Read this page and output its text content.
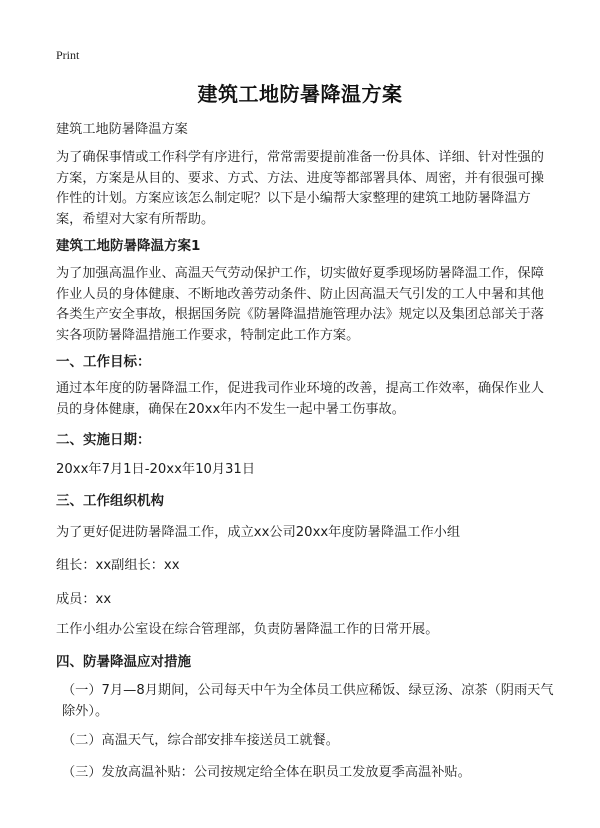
Print
建筑工地防暑降温方案
建筑工地防暑降温方案
为了确保事情或工作科学有序进行，常常需要提前准备一份具体、详细、针对性强的方案，方案是从目的、要求、方式、方法、进度等都部署具体、周密，并有很强可操作性的计划。方案应该怎么制定呢？以下是小编帮大家整理的建筑工地防暑降温方案，希望对大家有所帮助。
建筑工地防暑降温方案1
为了加强高温作业、高温天气劳动保护工作，切实做好夏季现场防暑降温工作，保障作业人员的身体健康、不断地改善劳动条件、防止因高温天气引发的工人中暑和其他各类生产安全事故，根据国务院《防暑降温措施管理办法》规定以及集团总部关于落实各项防暑降温措施工作要求，特制定此工作方案。
一、工作目标：
通过本年度的防暑降温工作，促进我司作业环境的改善，提高工作效率，确保作业人员的身体健康，确保在20xx年内不发生一起中暑工伤事故。
二、实施日期：
20xx年7月1日-20xx年10月31日
三、工作组织机构
为了更好促进防暑降温工作，成立xx公司20xx年度防暑降温工作小组
组长：xx副组长：xx
成员：xx
工作小组办公室设在综合管理部，负责防暑降温工作的日常开展。
四、防暑降温应对措施
（一）7月—8月期间，公司每天中午为全体员工供应稀饭、绿豆汤、凉茶（阴雨天气除外）。
（二）高温天气，综合部安排车接送员工就餐。
（三）发放高温补贴：公司按规定给全体在职员工发放夏季高温补贴。
